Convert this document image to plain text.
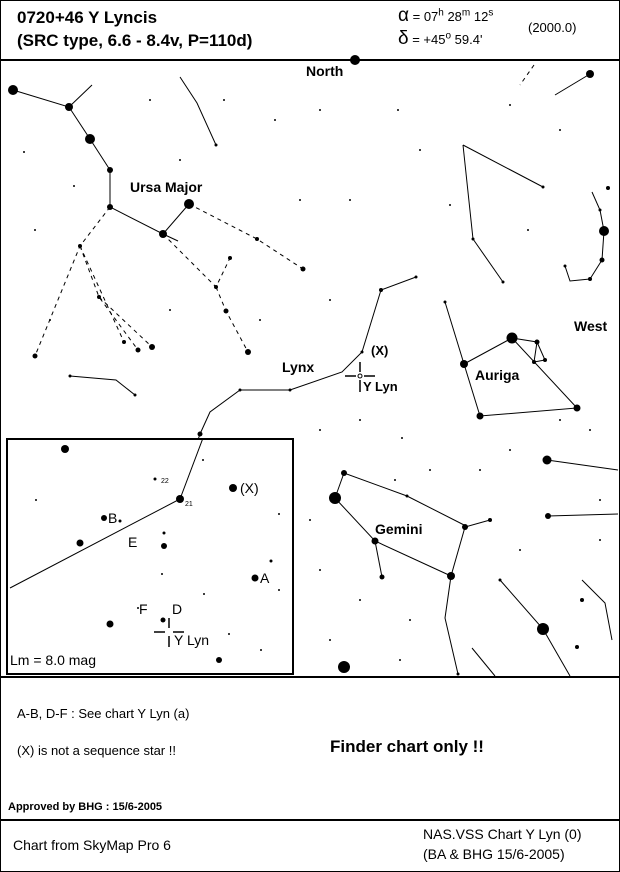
0720+46 Y Lyncis
(SRC type, 6.6 - 8.4v, P=110d)
$\alpha = 07^h$ 28$^m$ 12$^s$
$\delta = +45^o$ 59.4'
(2000.0)
North
West
Ursa Major
Lynx	Auriga
Gemini
(X)
Y Lyn
22
21
(X)
B
E
A
F D
Y Lyn
Lm = 8.0 mag
A-B, D-F : See chart Y Lyn (a)
(X) is not a sequence star !!	Finder chart only !!
Approved by BHG : 15/6-2005
Chart from SkyMap Pro 6
NAS.VSS Chart Y Lyn (0)
(BA & BHG 15/6-2005)
